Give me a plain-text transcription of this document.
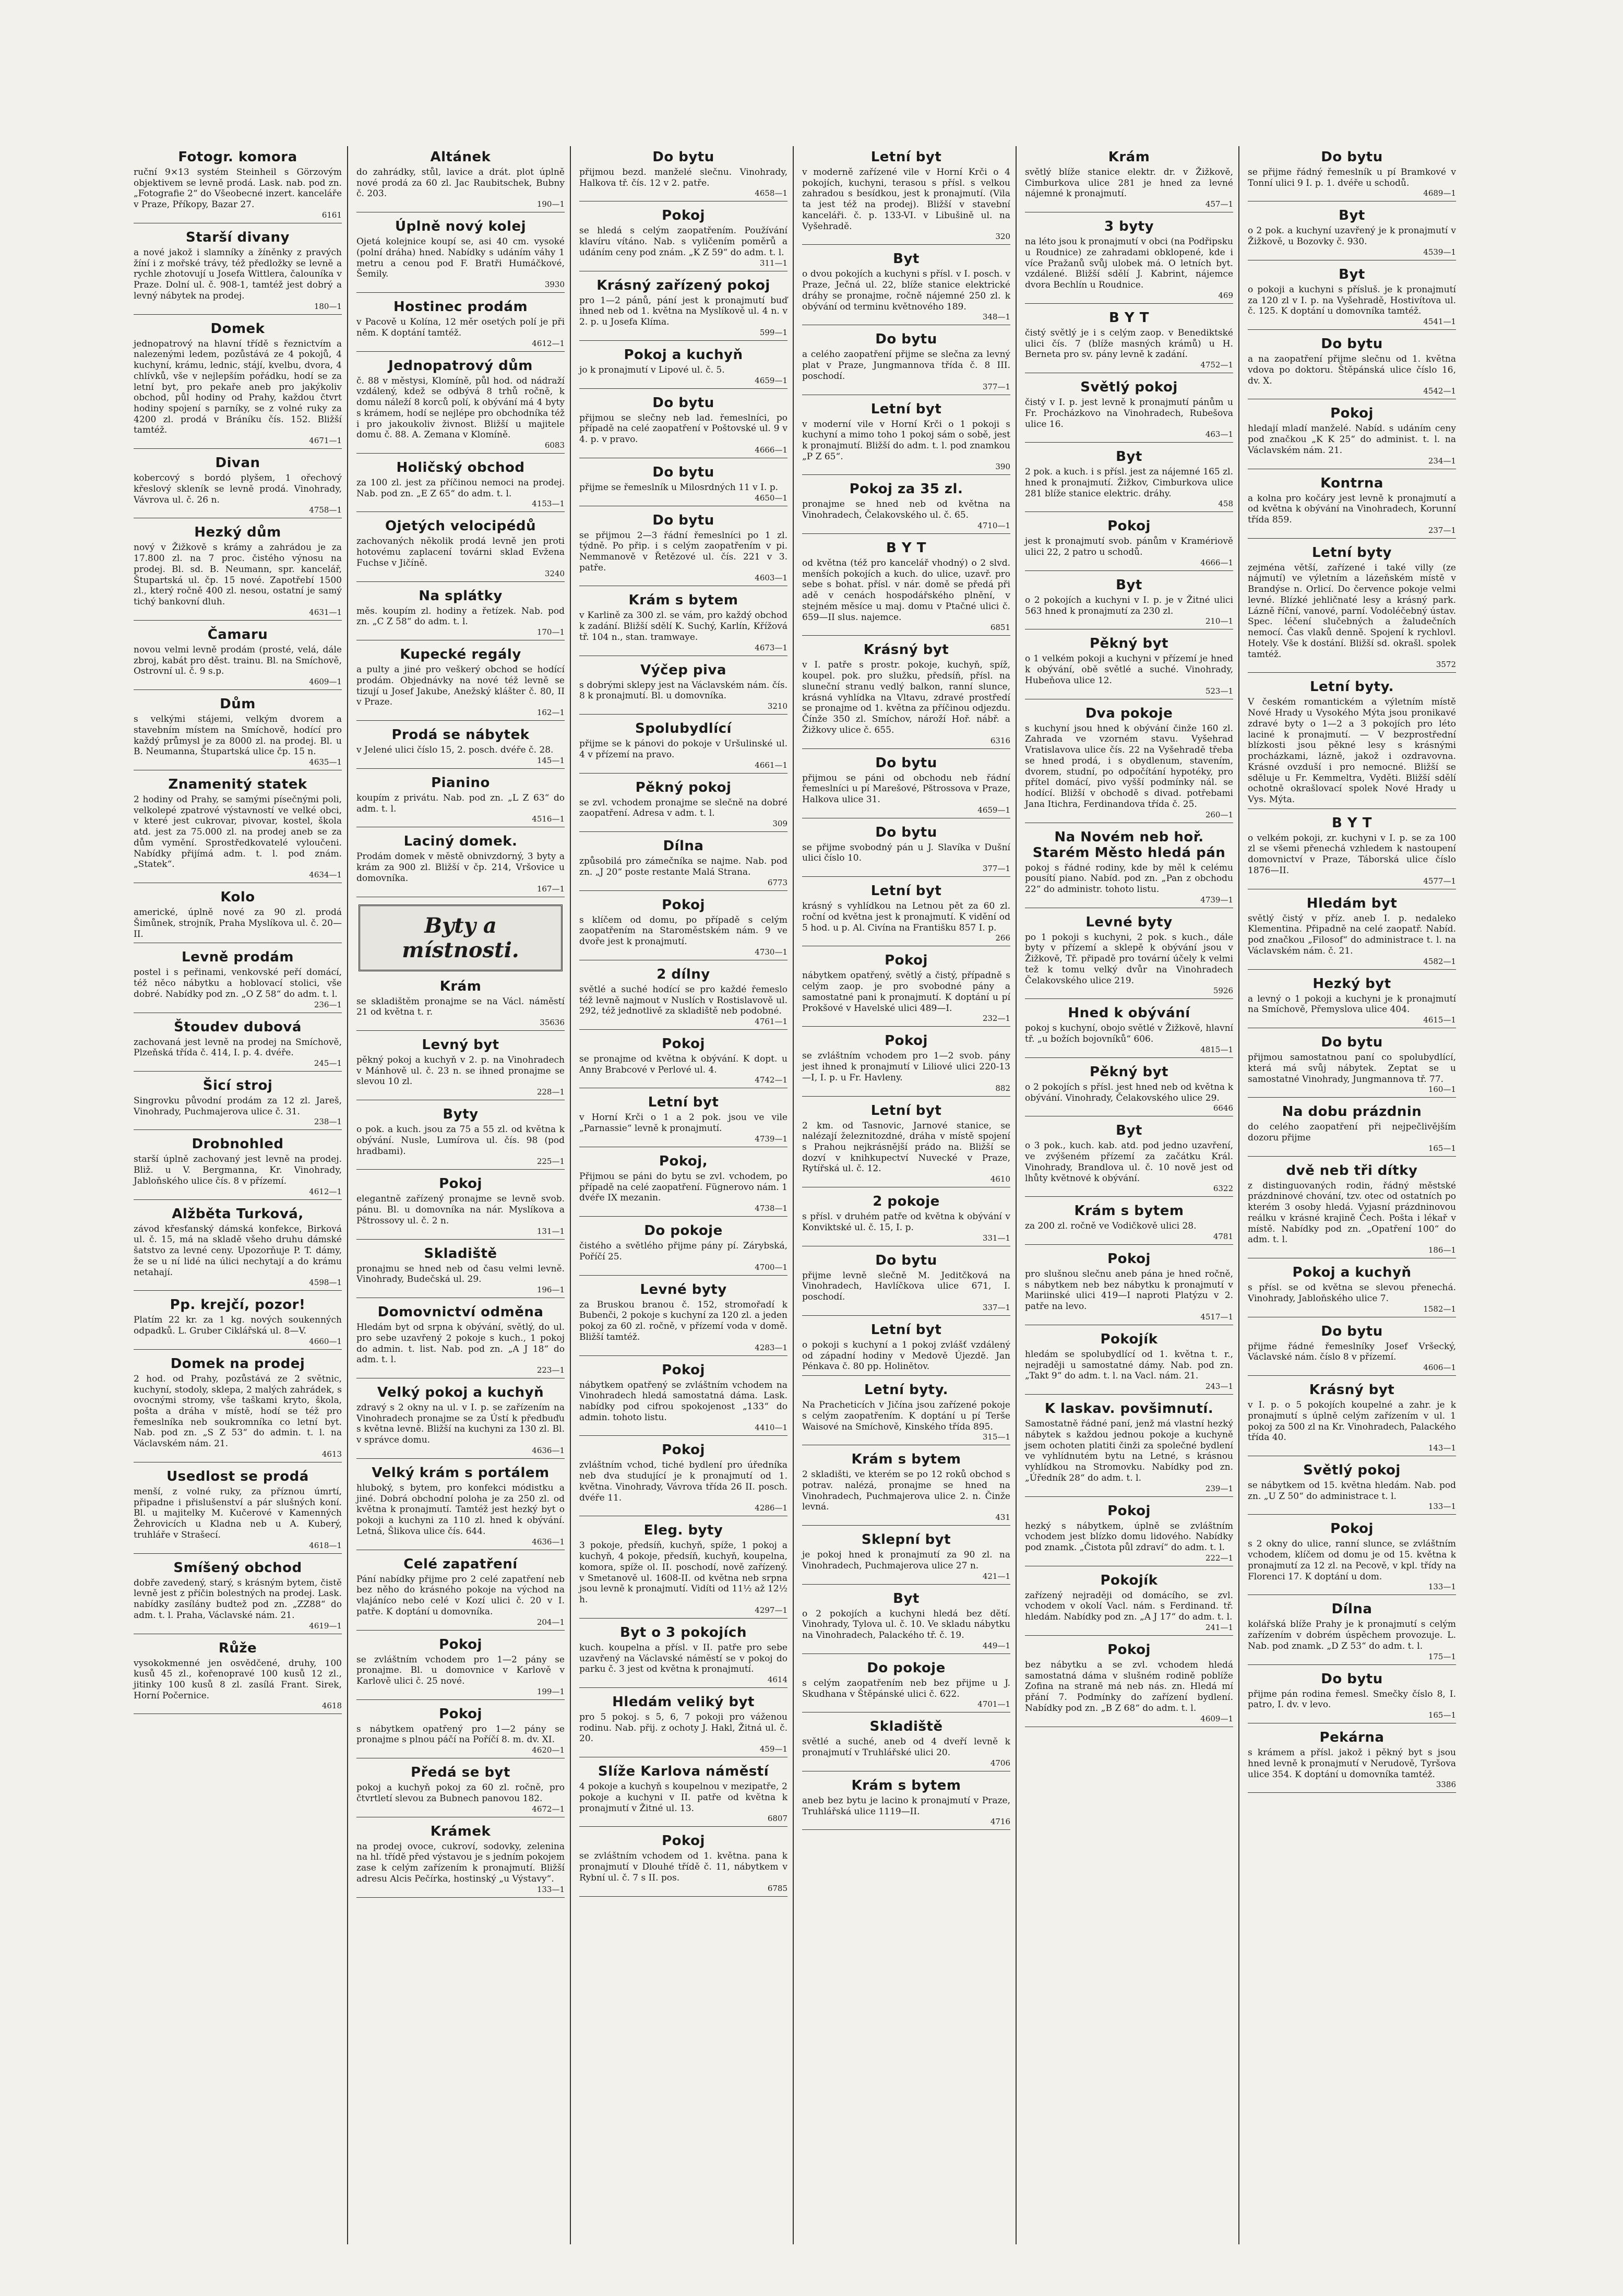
Fotogr. komora

ruční 9×13 systém Steinheil s Görzovým objektivem se levně prodá. Lask. nab. pod zn. „Fotografie 2“ do Všeobecné inzert. kanceláře v Praze, Příkopy, Bazar 27.

6161
Starší divany

a nové jakož i slamníky a žíněnky z pravých žíní i z mořské trávy, též předložky se levně a rychle zhotovují u Josefa Wittlera, čalouníka v Praze. Dolní ul. č. 908-1, tamtéž jest dobrý a levný nábytek na prodej.

180—1
Domek

jednopatrový na hlavní třídě s řeznictvím a nalezenými ledem, pozůstává ze 4 pokojů, 4 kuchyní, krámu, lednic, stájí, kvelbu, dvora, 4 chlívků, vše v nejlepším pořádku, hodí se za letní byt, pro pekaře aneb pro jakýkoliv obchod, půl hodiny od Prahy, každou čtvrt hodiny spojení s parníky, se z volné ruky za 4200 zl. prodá v Bráníku čís. 152. Bližší tamtéž.

4671—1
Divan

kobercový s bordó plyšem, 1 ořechový křeslový skleník se levně prodá. Vinohrady, Vávrova ul. č. 26 n.

4758—1
Hezký dům

nový v Žižkově s krámy a zahrádou je za 17.800 zl. na 7 proc. čistého výnosu na prodej. Bl. sd. B. Neumann, spr. kancelář, Štupartská ul. čp. 15 nové. Zapotřebí 1500 zl., který ročně 400 zl. nesou, ostatní je samý tichý bankovní dluh.

4631—1
Čamaru

novou velmi levně prodám (prosté, velá, dále zbroj, kabát pro děst. trainu. Bl. na Smíchově, Ostrovní ul. č. 9 s.p.

4609—1
Dům

s velkými stájemi, velkým dvorem a stavebním místem na Smíchově, hodící pro každý průmysl je za 8000 zl. na prodej. Bl. u B. Neumanna, Štupartská ulice čp. 15 n.

4635—1
Znamenitý statek

2 hodiny od Prahy, se samými písečnými poli, velkolepé zpatrové výstavností ve velké obci, v které jest cukrovar, pivovar, kostel, škola atd. jest za 75.000 zl. na prodej aneb se za dům vymění. Sprostředkovatelé vyloučeni. Nabídky přijímá adm. t. l. pod znám. „Statek“.

4634—1
Kolo

americké, úplně nové za 90 zl. prodá Šimůnek, strojník, Praha Myslíkova ul. č. 20—II.

Levně prodám

postel i s peřinami, venkovské peří domácí, též něco nábytku a hoblovací stolici, vše dobré. Nabídky pod zn. „O Z 58“ do adm. t. l.

236—1
Štoudev dubová

zachovaná jest levně na prodej na Smíchově, Plzeňská třída č. 414, I. p. 4. dvéře.

245—1
Šicí stroj

Singrovku původní prodám za 12 zl. Jareš, Vinohrady, Puchmajerova ulice č. 31.

238—1
Drobnohled

starší úplně zachovaný jest levně na prodej. Bliž. u V. Bergmanna, Kr. Vinohrady, Jabloňského ulice čís. 8 v přízemí.

4612—1
Alžběta Turková,

závod křesťanský dámská konfekce, Birková ul. č. 15, má na skladě všeho druhu dámské šatstvo za levné ceny. Upozorňuje P. T. dámy, že se u ní lidé na úlici nechytají a do krámu netahají.

4598—1
Pp. krejčí, pozor!

Platím 22 kr. za 1 kg. nových soukenných odpadků. L. Gruber Ciklářská ul. 8—V.

4660—1
Domek na prodej

2 hod. od Prahy, pozůstává ze 2 světnic, kuchyní, stodoly, sklepa, 2 malých zahrádek, s ovocnými stromy, vše taškami kryto, škola, pošta a dráha v místě, hodí se též pro řemeslníka neb soukromníka co letní byt. Nab. pod zn. „S Z 53“ do admin. t. l. na Václavském nám. 21.

4613
Usedlost se prodá

menší, z volné ruky, za příznou úmrtí, připadne i přislušenství a pár slušných koní. Bl. u majitelky M. Kučerové v Kamenných Žehrovicích u Kladna neb u A. Kuberý, truhláře v Strašecí.

4618—1
Smíšený obchod

dobře zavedený, starý, s krásným bytem, čistě levně jest z příčin bolestných na prodej. Lask. nabídky zasílány budtež pod zn. „ZZ88“ do adm. t. l. Praha, Václavské nám. 21.

4619—1
Růže

vysokokmenné jen osvědčené, druhy, 100 kusů 45 zl., kořenopravé 100 kusů 12 zl., jitinky 100 kusů 8 zl. zasílá Frant. Sirek, Horní Počernice.

4618
Altánek

do zahrádky, stůl, lavice a drát. plot úplně nové prodá za 60 zl. Jac Raubitschek, Bubny č. 203.

190—1
Úplně nový kolej

Ojetá kolejnice koupí se, asi 40 cm. vysoké (polní dráha) hned. Nabídky s udáním váhy 1 metru a cenou pod F. Bratři Humáčkové, Šemily.

3930
Hostinec prodám

v Pacově u Kolína, 12 měr osetých polí je při něm. K doptání tamtéž.

4612—1
Jednopatrový dům

č. 88 v městysi, Klomíně, půl hod. od nádraží vzdálený, kdež se odbývá 8 trhů ročně, k domu náleží 8 korců polí, k obývání má 4 byty s krámem, hodí se nejlépe pro obchodníka též i pro jakoukoliv živnost. Bližší u majitele domu č. 88. A. Zemana v Klomíně.

6083
Holičský obchod

za 100 zl. jest za příčinou nemoci na prodej. Nab. pod zn. „E Z 65“ do adm. t. l.

4153—1
Ojetých velocipédů

zachovaných několik prodá levně jen proti hotovému zaplacení továrni sklad Evžena Fuchse v Jičíně.

3240
Na splátky

měs. koupím zl. hodiny a řetízek. Nab. pod zn. „C Z 58“ do adm. t. l.

170—1
Kupecké regály

a pulty a jiné pro veškerý obchod se hodící prodám. Objednávky na nové též levně se tizují u Josef Jakube, Anežský klášter č. 80, II v Praze.

162—1
Prodá se nábytek

v Jelené ulici číslo 15, 2. posch. dvéře č. 28.

145—1
Pianino

koupím z privátu. Nab. pod zn. „L Z 63“ do adm. t. l.

4516—1
Laciný domek.

Prodám domek v městě obnivzdorný, 3 byty a krám za 900 zl. Bližší v čp. 214, Vršovice u domovníka.

167—1
Byty a místnosti.
Krám

se skladištěm pronajme se na Václ. náměstí 21 od května t. r.

35636
Levný byt

pěkný pokoj a kuchyň v 2. p. na Vinohradech v Mánhově ul. č. 23 n. se ihned pronajme se slevou 10 zl.

228—1
Byty

o pok. a kuch. jsou za 75 a 55 zl. od května k obývání. Nusle, Lumírova ul. čís. 98 (pod hradbami).

225—1
Pokoj

elegantně zařízený pronajme se levně svob. pánu. Bl. u domovníka na nár. Myslíkova a Pštrossovy ul. č. 2 n.

131—1
Skladiště

pronajmu se hned neb od času velmi levně. Vinohrady, Budečská ul. 29.

196—1
Domovnictví odměna

Hledám byt od srpna k obývání, světlý, do ul. pro sebe uzavřený 2 pokoje s kuch., 1 pokoj do admin. t. list. Nab. pod zn. „A J 18“ do adm. t. l.

223—1
Velký pokoj a kuchyň

zdravý s 2 okny na ul. v I. p. se zařízením na Vinohradech pronajme se za Ústí k předbuďu s května levně. Bližší na kuchyni za 130 zl. Bl. v správce domu.

4636—1
Velký krám s portálem

hluboký, s bytem, pro konfekci módistku a jiné. Dobrá obchodní poloha je za 250 zl. od května k pronajmutí. Tamtéž jest hezký byt o pokoji a kuchyni za 110 zl. hned k obývání. Letná, Šlikova ulice čís. 644.

4636—1
Celé zapatření

Pání nabídky přijme pro 2 celé zapatření neb bez něho do krásného pokoje na východ na vlajáníco nebo celé v Kozí ulici č. 20 v I. patře. K doptání u domovníka.

204—1
Pokoj

se zvláštním vchodem pro 1—2 pány se pronajme. Bl. u domovnice v Karlově v Karlově ulici č. 25 nové.

199—1
Pokoj

s nábytkem opatřený pro 1—2 pány se pronajme s plnou páčí na Poříčí 8. m. dv. XI.

4620—1
Předá se byt

pokoj a kuchyň pokoj za 60 zl. ročně, pro čtvrtletí slevou za Bubnech panovou 182.

4672—1
Krámek

na prodej ovoce, cukroví, sodovky, zelenina na hl. třídě před výstavou je s jedním pokojem zase k celým zařízením k pronajmutí. Bližší adresu Alcis Pečírka, hostinský „u Výstavy“.

133—1
Do bytu

přijmou bezd. manželé slečnu. Vinohrady, Halkova tř. čís. 12 v 2. patře.

4658—1
Pokoj

se hledá s celým zaopatřením. Používání klavíru vítáno. Nab. s vyličením poměrů a udáním ceny pod znám. „K Z 59“ do adm. t. l.

311—1
Krásný zařízený pokoj

pro 1—2 pánů, pání jest k pronajmutí buď ihned neb od 1. května na Myslíkově ul. 4 n. v 2. p. u Josefa Klíma.

599—1
Pokoj a kuchyň

jo k pronajmutí v Lipové ul. č. 5.

4659—1
Do bytu

přijmou se slečny neb lad. řemeslníci, po případě na celé zaopatření v Poštovské ul. 9 v 4. p. v pravo.

4666—1
Do bytu

přijme se řemeslník u Milosrdných 11 v I. p.

4650—1
Do bytu

se přijmou 2—3 řádní řemeslníci po 1 zl. týdně. Po přip. i s celým zaopatřením v pi. Nemmanově v Řetězové ul. čís. 221 v 3. patře.

4603—1
Krám s bytem

v Karlině za 300 zl. se vám, pro každý obchod k zadání. Bližší sdělí K. Suchý, Karlín, Křížová tř. 104 n., stan. tramwaye.

4673—1
Výčep piva

s dobrými sklepy jest na Václavském nám. čís. 8 k pronajmutí. Bl. u domovníka.

3210
Spolubydlící

přijme se k pánovi do pokoje v Uršulinské ul. 4 v přízemí na pravo.

4661—1
Pěkný pokoj

se zvl. vchodem pronajme se slečně na dobré zaopatření. Adresa v adm. t. l.

309
Dílna

způsobilá pro zámečníka se najme. Nab. pod zn. „J 20“ poste restante Malá Strana.

6773
Pokoj

s klíčem od domu, po případě s celým zaopatřením na Staroměstském nám. 9 ve dvoře jest k pronajmutí.

4730—1
2 dílny

světlé a suché hodící se pro každé řemeslo též levně najmout v Nuslích v Rostislavově ul. 292, též jednotlivě za skladiště neb podobné.

4761—1
Pokoj

se pronajme od května k obývání. K dopt. u Anny Brabcové v Perlové ul. 4.

4742—1
Letní byt

v Horní Krči o 1 a 2 pok. jsou ve vile „Parnassie“ levně k pronajmutí.

4739—1
Pokoj,

Přijmou se páni do bytu se zvl. vchodem, po případě na celé zaopatření. Fügnerovo nám. 1 dvéře IX mezanin.

4738—1
Do pokoje

čistého a světlého přijme pány pí. Zárybská, Poříčí 25.

4700—1
Levné byty

za Bruskou branou č. 152, stromořadí k Bubenči, 2 pokoje s kuchyní za 120 zl. a jeden pokoj za 60 zl. ročně, v přízemí voda v domě. Bližší tamtéž.

4283—1
Pokoj

nábytkem opatřený se zvláštním vchodem na Vinohradech hledá samostatná dáma. Lask. nabídky pod cifrou spokojenost „133“ do admin. tohoto listu.

4410—1
Pokoj

zvláštním vchod, tiché bydlení pro úředníka neb dva studující je k pronajmutí od 1. května. Vinohrady, Vávrova třída 26 II. posch. dvéře 11.

4286—1
Eleg. byty

3 pokoje, předsíň, kuchyň, spíže, 1 pokoj a kuchyň, 4 pokoje, předsíň, kuchyň, koupelna, komora, spíže ol. II. poschodí, nově zařízený. v Smetanově ul. 1608-II. od května neb srpna jsou levně k pronajmutí. Vidíti od 11½ až 12½ h.

4297—1
Byt o 3 pokojích

kuch. koupelna a přísl. v II. patře pro sebe uzavřený na Václavské náměstí se v pokoj do parku č. 3 jest od května k pronajmutí.

4614
Hledám veliký byt

pro 5 pokoj. s 5, 6, 7 pokoji pro váženou rodinu. Nab. přij. z ochoty J. Hakl, Žitná ul. č. 20.

459—1
Slíže Karlova náměstí

4 pokoje a kuchyň s koupelnou v mezipatře, 2 pokoje a kuchyni v II. patře od května k pronajmutí v Žitné ul. 13.

6807
Pokoj

se zvláštním vchodem od 1. května. pana k pronajmutí v Dlouhé třídě č. 11, nábytkem v Rybní ul. č. 7 s II. pos.

6785
Letní byt

v moderně zařízené vile v Horní Krči o 4 pokojích, kuchyni, terasou s přísl. s velkou zahradou s besídkou, jest k pronajmutí. (Vila ta jest též na prodej). Bližší v stavební kanceláři. č. p. 133-VI. v Libušině ul. na Vyšehradě.

320
Byt

o dvou pokojích a kuchyni s přísl. v I. posch. v Praze, Ječná ul. 22, blíže stanice elektrické dráhy se pronajme, ročně nájemné 250 zl. k obývání od terminu květnového 189.

348—1
Do bytu

a celého zaopatření přijme se slečna za levný plat v Praze, Jungmannova třída č. 8 III. poschodí.

377—1
Letní byt

v moderní vile v Horní Krči o 1 pokoji s kuchyní a mimo toho 1 pokoj sám o sobě, jest k pronajmutí. Bližší do adm. t. l. pod znamkou „P Z 65“.

390
Pokoj za 35 zl.

pronajme se hned neb od května na Vinohradech, Čelakovského ul. č. 65.

4710—1
B Y T

od května (též pro kancelář vhodný) o 2 slvd. menších pokojích a kuch. do ulice, uzavř. pro sebe s bohat. přísl. v nár. domě se předá při adě v cenách hospodářského plnění, v stejném měsíce u maj. domu v Ptačné ulici č. 659—II slus. najemce.

6851
Krásný byt

v I. patře s prostr. pokoje, kuchyň, spíž, koupel. pok. pro služku, předsíň, přísl. na sluneční stranu vedlý balkon, ranní slunce, krásná vyhlídka na Vltavu, zdravé prostředí se pronajme od 1. května za příčinou odjezdu. Čínže 350 zl. Smíchov, nároží Hoř. nábř. a Žižkovy ulice č. 655.

6316
Do bytu

přijmou se páni od obchodu neb řádní řemeslníci u pí Marešové, Pštrossova v Praze, Halkova ulice 31.

4659—1
Do bytu

se přijme svobodný pán u J. Slavíka v Dušní ulici číslo 10.

377—1
Letní byt

krásný s vyhlídkou na Letnou pět za 60 zl. roční od května jest k pronajmutí. K vidění od 5 hod. u p. Al. Civína na Františku 857 I. p.

266
Pokoj

nábytkem opatřený, světlý a čistý, případně s celým zaop. je pro svobodné pány a samostatné pani k pronajmutí. K doptání u pí Prokšové v Havelské ulici 489—I.

232—1
Pokoj

se zvláštním vchodem pro 1—2 svob. pány jest ihned k pronajmutí v Liliové ulici 220-13—I, I. p. u Fr. Havleny.

882
Letní byt

2 km. od Tasnovic, Jarnové stanice, se nalézají železnitozdné, dráha v místě spojení s Prahou nejkrásnější prádo na. Bližší se dozví v knihkupectví Nuvecké v Praze, Rytířská ul. č. 12.

4610
2 pokoje

s přísl. v druhém patře od května k obývání v Konviktské ul. č. 15, I. p.

331—1
Do bytu

přijme levně slečně M. Jeditčková na Vinohradech, Havlíčkova ulice 671, I. poschodí.

337—1
Letní byt

o pokoji s kuchyní a 1 pokoj zvlášť vzdálený od západní hodiny v Medově Újezdě. Jan Pénkava č. 80 pp. Holinětov.

Letní byty.

Na Pracheticích v Jičína jsou zařízené pokoje s celým zaopatřením. K doptání u pí Terše Waisové na Smíchově, Kinského třída 895.

315—1
Krám s bytem

2 skladišti, ve kterém se po 12 roků obchod s potrav. nalézá, pronajme se hned na Vinohradech, Puchmajerova ulice 2. n. Činže levná.

431
Sklepní byt

je pokoj hned k pronajmutí za 90 zl. na Vinohradech, Puchmajerova ulice 27 n.

421—1
Byt

o 2 pokojích a kuchyni hledá bez dětí. Vinohrady, Tylova ul. č. 10. Ve skladu nábytku na Vinohradech, Palackého tř. č. 19.

449—1
Do pokoje

s celým zaopatřením neb bez přijme u J. Skudhana v Štěpánské ulici č. 622.

4701—1
Skladiště

světlé a suché, aneb od 4 dveří levně k pronajmutí v Truhlářské ulici 20.

4706
Krám s bytem

aneb bez bytu je lacino k pronajmutí v Praze, Truhlářská ulice 1119—II.

4716
Krám

světlý blíže stanice elektr. dr. v Žižkově, Cimburkova ulice 281 je hned za levné nájemné k pronajmutí.

457—1
3 byty

na léto jsou k pronajmutí v obci (na Podřipsku u Roudnice) ze zahradami obklopené, kde i více Pražanů svůj ulobek má. O letních byt. vzdálené. Bližší sdělí J. Kabrint, nájemce dvora Bechlín u Roudnice.

469
B Y T

čistý světlý je i s celým zaop. v Benediktské ulici čís. 7 (blíže masných krámů) u H. Berneta pro sv. pány levně k zadání.

4752—1
Světlý pokoj

čistý v I. p. jest levně k pronajmutí pánům u Fr. Procházkovo na Vinohradech, Rubešova ulice 16.

463—1
Byt

2 pok. a kuch. i s přísl. jest za nájemné 165 zl. hned k pronajmutí. Žižkov, Cimburkova ulice 281 blíže stanice elektric. dráhy.

458
Pokoj

jest k pronajmutí svob. pánům v Kramériově ulici 22, 2 patro u schodů.

4666—1
Byt

o 2 pokojích a kuchyni v I. p. je v Žitné ulici 563 hned k pronajmutí za 230 zl.

210—1
Pěkný byt

o 1 velkém pokoji a kuchyni v přízemí je hned k obývání, obě světlé a suché. Vinohrady, Hubeňova ulice 12.

523—1
Dva pokoje

s kuchyní jsou hned k obývání činže 160 zl. Zahrada ve vzorném stavu. Vyšehrad Vratislavova ulice čís. 22 na Vyšehradě třeba se hned prodá, i s obydlenum, stavením, dvorem, studní, po odpočítání hypotéky, pro přítel domácí, pivo vyšší podmínky nál. se hodící. Bližší v obchodě s divad. potřebami Jana Itichra, Ferdinandova třída č. 25.

260—1
Na Novém neb hoř. Starém Město hledá pán

pokoj s řádné rodiny, kde by měl k celému pousítí piano. Nabíd. pod zn. „Pan z obchodu 22“ do administr. tohoto listu.

4739—1
Levné byty

po 1 pokoji s kuchyni, 2 pok. s kuch., dále byty v přízemí a sklepě k obývání jsou v Žižkově, Tř. připadě pro tovární účely k velmi tež k tomu velký dvůr na Vinohradech Čelakovského ulice 219.

5926
Hned k obývání

pokoj s kuchyní, obojo světlé v Žižkově, hlavní tř. „u božích bojovníků“ 606.

4815—1
Pěkný byt

o 2 pokojích s přísl. jest hned neb od května k obývání. Vinohrady, Čelakovského ulice 29.

6646
Byt

o 3 pok., kuch. kab. atd. pod jedno uzavření, ve zvýšeném přízemí za začátku Král. Vinohrady, Brandlova ul. č. 10 nově jest od lhůty květnové k obývání.

6322
Krám s bytem

za 200 zl. ročně ve Vodičkově ulici 28.

4781
Pokoj

pro slušnou slečnu aneb pána je hned ročně, s nábytkem neb bez nábytku k pronajmutí v Mariinské ulici 419—I naproti Platýzu v 2. patře na levo.

4517—1
Pokojík

hledám se spolubydlící od 1. května t. r., nejraději u samostatné dámy. Nab. pod zn. „Takt 9“ do adm. t. l. na Vacl. nám. 21.

243—1
K laskav. povšimnutí.

Samostatně řádné paní, jenž má vlastní hezký nábytek s každou jednou pokoje a kuchyně jsem ochoten platiti činži za společné bydlení ve vyhlídnutém bytu na Letné, s krásnou vyhlídkou na Stromovku. Nabídky pod zn. „Úředník 28“ do adm. t. l.

239—1
Pokoj

hezký s nábytkem, úplně se zvláštním vchodem jest blízko domu lidového. Nabídky pod znamk. „Čistota půl zdraví“ do adm. t. l.

222—1
Pokojík

zařízený nejraději od domácího, se zvl. vchodem v okolí Vacl. nám. s Ferdinand. tř. hledám. Nabídky pod zn. „A J 17“ do adm. t. l.

241—1
Pokoj

bez nábytku a se zvl. vchodem hledá samostatná dáma v slušném rodině poblíže Zofina na straně má neb nás. zn. Hledá mí přání 7. Podmínky do zařízení bydlení. Nabídky pod zn. „B Z 68“ do adm. t. l.

4609—1
Do bytu

se přijme řádný řemeslník u pí Bramkové v Tonní ulici 9 I. p. 1. dvéře u schodů.

4689—1
Byt

o 2 pok. a kuchyní uzavřený je k pronajmutí v Žižkově, u Bozovky č. 930.

4539—1
Byt

o pokoji a kuchyni s přísluš. je k pronajmutí za 120 zl v I. p. na Vyšehradě, Hostivítova ul. č. 125. K doptání u domovníka tamtéž.

4541—1
Do bytu

a na zaopatření přijme slečnu od 1. května vdova po doktoru. Štěpánská ulice číslo 16, dv. X.

4542—1
Pokoj

hledají mladí manželé. Nabíd. s udáním ceny pod značkou „K K 25“ do administ. t. l. na Václavském nám. 21.

234—1
Kontrna

a kolna pro kočáry jest levně k pronajmutí a od května k obývání na Vinohradech, Korunní třída 859.

237—1
Letní byty

zejména větší, zařízené i také villy (ze nájmutí) ve výletním a lázeňském místě v Brandýse n. Orlicí. Do července pokoje velmi levné. Blízké jehličnaté lesy a krásný park. Lázně říční, vanové, parní. Vodoléčebný ústav. Spec. léčení slučebných a žaludečních nemocí. Čas vlaků denně. Spojení k rychlovl. Hotely. Vše k dostání. Bližší sd. okrašl. spolek tamtéž.

3572
Letní byty.

V českém romantickém a výletním místě Nové Hrady u Vysokého Mýta jsou pronikavé zdravé byty o 1—2 a 3 pokojích pro léto laciné k pronajmutí. — V bezprostřední blízkosti jsou pěkné lesy s krásnými procházkami, lázně, jakož i ozdravovna. Krásné ovzduší i pro nemocné. Bližší se sděluje u Fr. Kemmeltra, Vyděti. Bližší sdělí ochotně okrašlovací spolek Nové Hrady u Vys. Mýta.

B Y T

o velkém pokoji, zr. kuchyni v I. p. se za 100 zl se všemi přenechá vzhledem k nastoupení domovnictví v Praze, Táborská ulice číslo 1876—II.

4577—1
Hledám byt

světlý čistý v příz. aneb I. p. nedaleko Klementina. Připadně na celé zaopatř. Nabíd. pod značkou „Filosof“ do administrace t. l. na Václavském nám. č. 21.

4582—1
Hezký byt

a levný o 1 pokoji a kuchyni je k pronajmutí na Smíchově, Přemyslova ulice 404.

4615—1
Do bytu

přijmou samostatnou paní co spolubydlící, která má svůj nábytek. Zeptat se u samostatné Vinohrady, Jungmannova tř. 77.

160—1
Na dobu prázdnin

do celého zaopatření při nejpečlivějším dozoru přijme

165—1
dvě neb tři dítky

z distinguovaných rodin, řádný městské prázdninové chování, tzv. otec od ostatních po kterém 3 osoby hledá. Vyjasní prázdninovou reálku v krásné krajině Čech. Pošta i lékař v místě. Nabídky pod zn. „Opatření 100“ do adm. t. l.

186—1
Pokoj a kuchyň

s přísl. se od května se slevou přenechá. Vinohrady, Jabloňského ulice 7.

1582—1
Do bytu

přijme řádné řemeslníky Josef Vršecký, Václavské nám. číslo 8 v přízemí.

4606—1
Krásný byt

v I. p. o 5 pokojích koupelné a zahr. je k pronajmutí s úplně celým zařízením v ul. 1 pokoj za 500 zl na Kr. Vinohradech, Palackého třída 40.

143—1
Světlý pokoj

se nábytkem od 15. května hledám. Nab. pod zn. „U Z 50“ do administrace t. l.

133—1
Pokoj

s 2 okny do ulice, ranní slunce, se zvláštním vchodem, klíčem od domu je od 15. května k pronajmutí za 12 zl. na Pecově, v kpl. třídy na Florenci 17. K doptání u dom.

133—1
Dílna

kolářská blíže Prahy je k pronajmutí s celým zařízením v dobrém úspěchem provozuje. L. Nab. pod znamk. „D Z 53“ do adm. t. l.

175—1
Do bytu

přijme pán rodina řemesl. Smečky číslo 8, I. patro, I. dv. v levo.

165—1
Pekárna

s krámem a přísl. jakož i pěkný byt s jsou hned levně k pronajmutí v Nerudově, Tyršova ulice 354. K doptání u domovníka tamtéž.

3386
